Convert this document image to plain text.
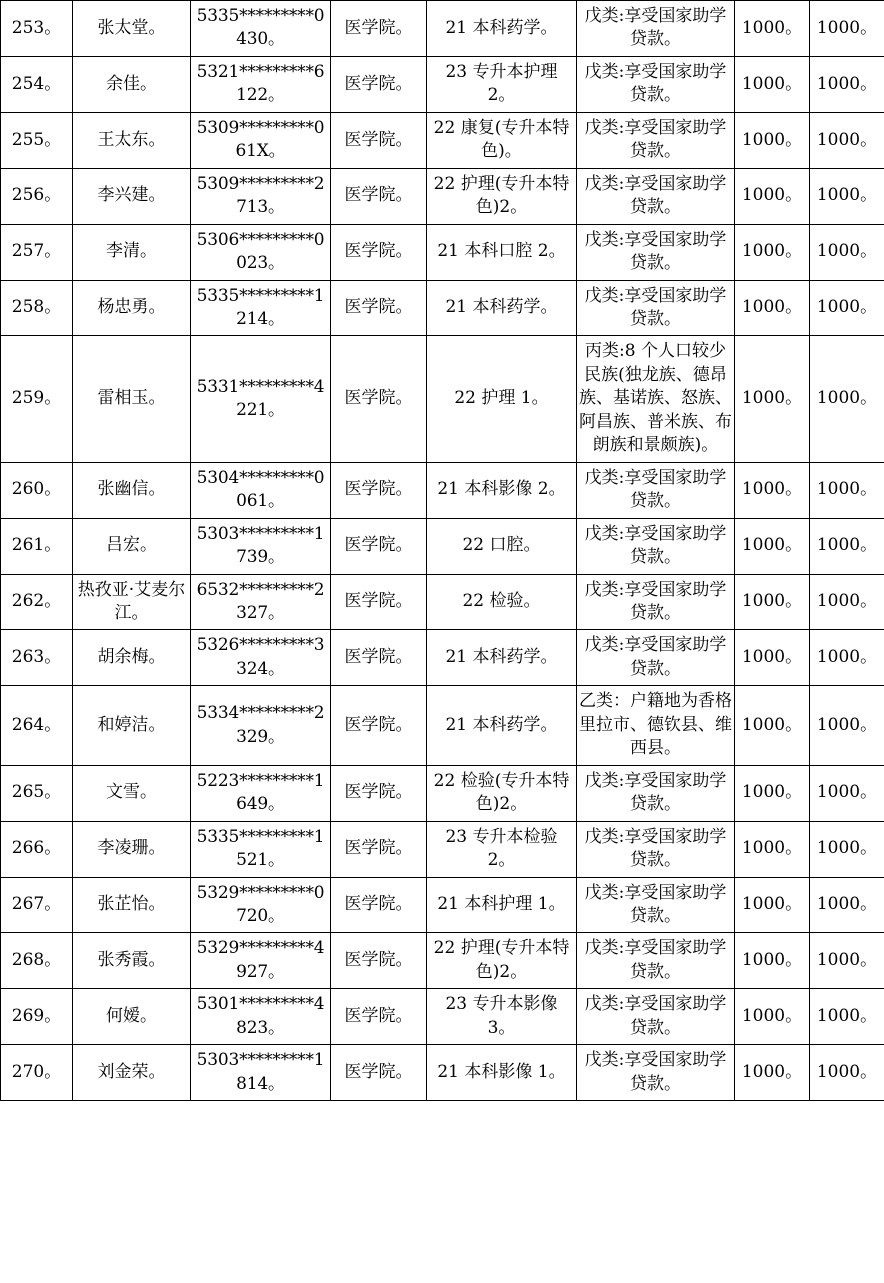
253。	张太堂。	5335*********0430。	医学院。	21 本科药学。	戊类:享受国家助学贷款。	1000。	1000。
254。	余佳。	5321*********6122。	医学院。	23 专升本护理 2。	戊类:享受国家助学贷款。	1000。	1000。
255。	王太东。	5309*********061X。	医学院。	22 康复(专升本特色)。	戊类:享受国家助学贷款。	1000。	1000。
256。	李兴建。	5309*********2713。	医学院。	22 护理(专升本特色)2。	戊类:享受国家助学贷款。	1000。	1000。
257。	李清。	5306*********0023。	医学院。	21 本科口腔 2。	戊类:享受国家助学贷款。	1000。	1000。
258。	杨忠勇。	5335*********1214。	医学院。	21 本科药学。	戊类:享受国家助学贷款。	1000。	1000。
259。	雷相玉。	5331*********4221。	医学院。	22 护理 1。	丙类:8 个人口较少民族(独龙族、德昂族、基诺族、怒族、阿昌族、普米族、布朗族和景颇族)。	1000。	1000。
260。	张幽信。	5304*********0061。	医学院。	21 本科影像 2。	戊类:享受国家助学贷款。	1000。	1000。
261。	吕宏。	5303*********1739。	医学院。	22 口腔。	戊类:享受国家助学贷款。	1000。	1000。
262。	热孜亚·艾麦尔江。	6532*********2327。	医学院。	22 检验。	戊类:享受国家助学贷款。	1000。	1000。
263。	胡余梅。	5326*********3324。	医学院。	21 本科药学。	戊类:享受国家助学贷款。	1000。	1000。
264。	和婷洁。	5334*********2329。	医学院。	21 本科药学。	乙类：户籍地为香格里拉市、德钦县、维西县。	1000。	1000。
265。	文雪。	5223*********1649。	医学院。	22 检验(专升本特色)2。	戊类:享受国家助学贷款。	1000。	1000。
266。	李凌珊。	5335*********1521。	医学院。	23 专升本检验 2。	戊类:享受国家助学贷款。	1000。	1000。
267。	张芷怡。	5329*********0720。	医学院。	21 本科护理 1。	戊类:享受国家助学贷款。	1000。	1000。
268。	张秀霞。	5329*********4927。	医学院。	22 护理(专升本特色)2。	戊类:享受国家助学贷款。	1000。	1000。
269。	何嫒。	5301*********4823。	医学院。	23 专升本影像 3。	戊类:享受国家助学贷款。	1000。	1000。
270。	刘金荣。	5303*********1814。	医学院。	21 本科影像 1。	戊类:享受国家助学贷款。	1000。	1000。
